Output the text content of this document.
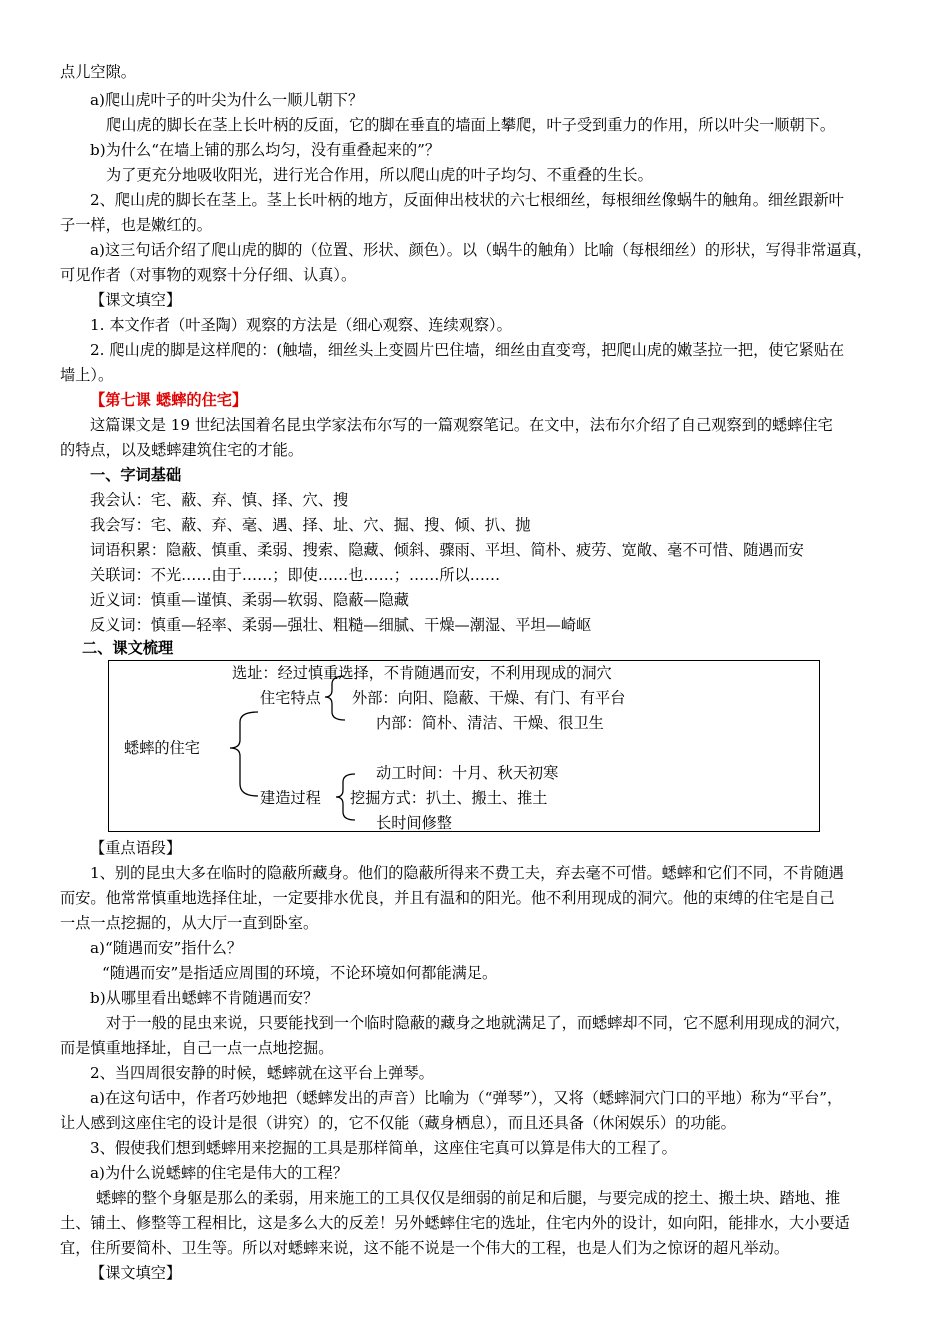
点儿空隙。
a)爬山虎叶子的叶尖为什么一顺儿朝下？
爬山虎的脚长在茎上长叶柄的反面，它的脚在垂直的墙面上攀爬，叶子受到重力的作用，所以叶尖一顺朝下。
b)为什么“在墙上铺的那么均匀，没有重叠起来的”？
为了更充分地吸收阳光，进行光合作用，所以爬山虎的叶子均匀、不重叠的生长。
2、爬山虎的脚长在茎上。茎上长叶柄的地方，反面伸出枝状的六七根细丝，每根细丝像蜗牛的触角。细丝跟新叶
子一样，也是嫩红的。
a)这三句话介绍了爬山虎的脚的（位置、形状、颜色）。以（蜗牛的触角）比喻（每根细丝）的形状，写得非常逼真，
可见作者（对事物的观察十分仔细、认真）。
【课文填空】
1. 本文作者（叶圣陶）观察的方法是（细心观察、连续观察）。
2. 爬山虎的脚是这样爬的：(触墙，细丝头上变圆片巴住墙，细丝由直变弯，把爬山虎的嫩茎拉一把，使它紧贴在
墙上）。
【第七课 蟋蟀的住宅】
这篇课文是 19 世纪法国着名昆虫学家法布尔写的一篇观察笔记。在文中，法布尔介绍了自己观察到的蟋蟀住宅
的特点，以及蟋蟀建筑住宅的才能。
一、字词基础
我会认：宅、蔽、弃、慎、择、穴、搜
我会写：宅、蔽、弃、毫、遇、择、址、穴、掘、搜、倾、扒、抛
词语积累：隐蔽、慎重、柔弱、搜索、隐藏、倾斜、骤雨、平坦、简朴、疲劳、宽敞、毫不可惜、随遇而安
关联词：不光……由于……；即使……也……；……所以……
近义词：慎重—谨慎、柔弱—软弱、隐蔽—隐藏
反义词：慎重—轻率、柔弱—强壮、粗糙—细腻、干燥—潮湿、平坦—崎岖
二、课文梳理
选址：经过慎重选择，不肯随遇而安，不利用现成的洞穴
住宅特点 外部：向阳、隐蔽、干燥、有门、有平台
内部：简朴、清洁、干燥、很卫生
蟋蟀的住宅
动工时间：十月、秋天初寒
建造过程 挖掘方式：扒土、搬土、推土
长时间修整
【重点语段】
1、别的昆虫大多在临时的隐蔽所藏身。他们的隐蔽所得来不费工夫，弃去毫不可惜。蟋蟀和它们不同，不肯随遇
而安。他常常慎重地选择住址，一定要排水优良，并且有温和的阳光。他不利用现成的洞穴。他的束缚的住宅是自己
一点一点挖掘的，从大厅一直到卧室。
a)“随遇而安”指什么？
“随遇而安”是指适应周围的环境，不论环境如何都能满足。
b)从哪里看出蟋蟀不肯随遇而安？
对于一般的昆虫来说，只要能找到一个临时隐蔽的藏身之地就满足了，而蟋蟀却不同，它不愿利用现成的洞穴，
而是慎重地择址，自己一点一点地挖掘。
2、当四周很安静的时候，蟋蟀就在这平台上弹琴。
a)在这句话中，作者巧妙地把（蟋蟀发出的声音）比喻为（“弹琴”），又将（蟋蟀洞穴门口的平地）称为“平台”，
让人感到这座住宅的设计是很（讲究）的，它不仅能（藏身栖息），而且还具备（休闲娱乐）的功能。
3、假使我们想到蟋蟀用来挖掘的工具是那样简单，这座住宅真可以算是伟大的工程了。
a)为什么说蟋蟀的住宅是伟大的工程？
蟋蟀的整个身躯是那么的柔弱，用来施工的工具仅仅是细弱的前足和后腿，与要完成的挖土、搬土块、踏地、推
土、铺土、修整等工程相比，这是多么大的反差！另外蟋蟀住宅的选址，住宅内外的设计，如向阳，能排水，大小要适
宜，住所要简朴、卫生等。所以对蟋蟀来说，这不能不说是一个伟大的工程，也是人们为之惊讶的超凡举动。
【课文填空】
